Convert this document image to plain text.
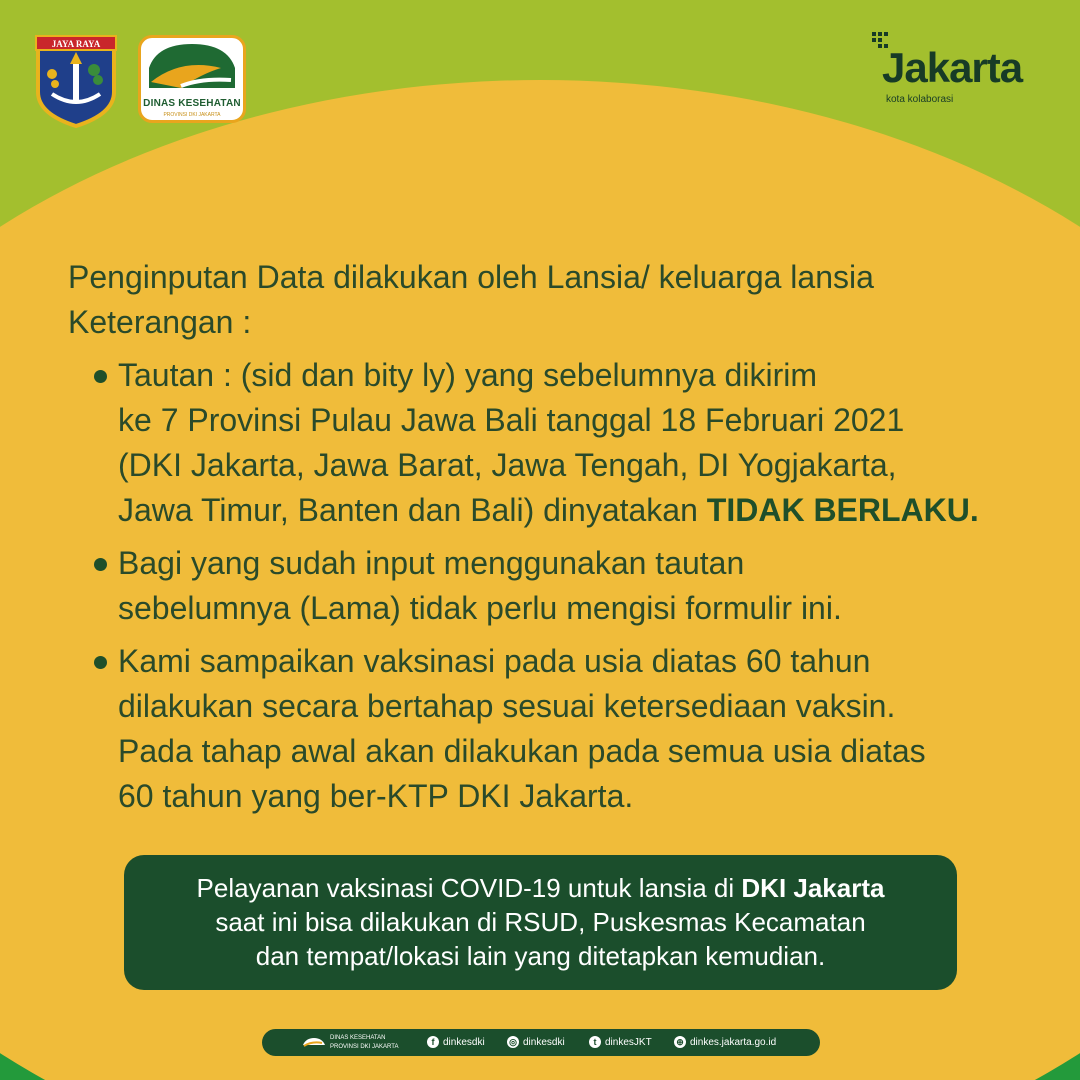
JAYA RAYA
DINAS KESEHATAN
PROVINSI DKI JAKARTA
Jakarta
kota kolaborasi
Penginputan Data dilakukan oleh Lansia/ keluarga lansia
Keterangan :
Tautan : (sid dan bity ly) yang sebelumnya dikirim
ke 7 Provinsi Pulau Jawa Bali tanggal 18 Februari 2021
(DKI Jakarta, Jawa Barat, Jawa Tengah, DI Yogjakarta,
Jawa Timur, Banten dan Bali) dinyatakan TIDAK BERLAKU.
Bagi yang sudah input menggunakan tautan
sebelumnya (Lama) tidak perlu mengisi formulir ini.
Kami sampaikan vaksinasi pada usia diatas 60 tahun
dilakukan secara bertahap sesuai ketersediaan vaksin.
Pada tahap awal akan dilakukan pada semua usia diatas
60 tahun yang ber-KTP DKI Jakarta.
Pelayanan vaksinasi COVID-19 untuk lansia di DKI Jakarta
saat ini bisa dilakukan di RSUD, Puskesmas Kecamatan
dan tempat/lokasi lain yang ditetapkan kemudian.
DINAS KESEHATAN
PROVINSI DKI JAKARTA	f dinkesdki	◎ dinkesdki	t dinkesJKT	⊕ dinkes.jakarta.go.id
